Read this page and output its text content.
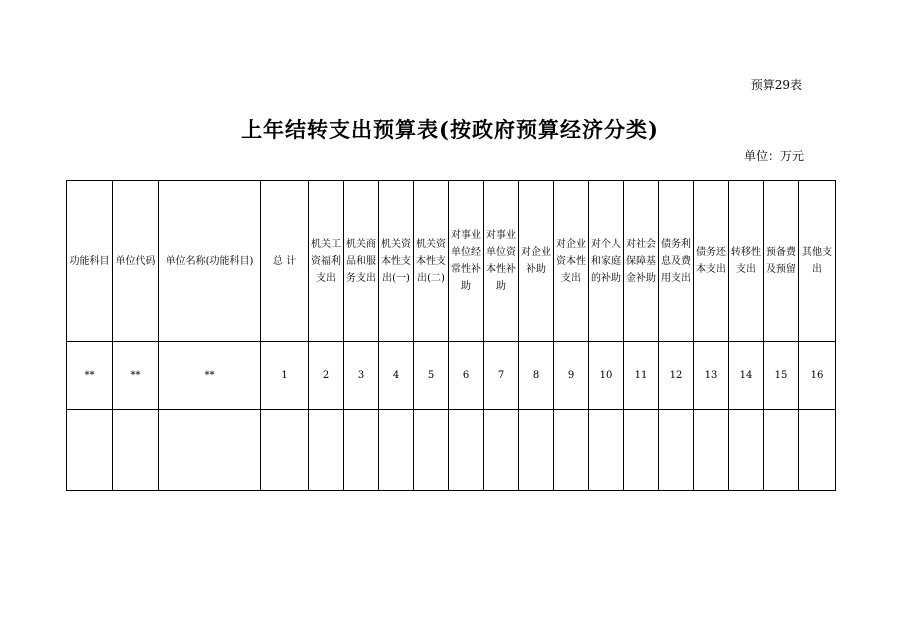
预算29表
上年结转支出预算表(按政府预算经济分类)
单位：万元
功能科目	单位代码	单位名称(功能科目)	总 计	机关工资福利支出	机关商品和服务支出	机关资本性支出(一)	机关资本性支出(二)	对事业单位经常性补助	对事业单位资本性补助	对企业补助	对企业资本性支出	对个人和家庭的补助	对社会保障基金补助	债务利息及费用支出	债务还本支出	转移性支出	预备费及预留	其他支出
**	**	**	1	2	3	4	5	6	7	8	9	10	11	12	13	14	15	16
